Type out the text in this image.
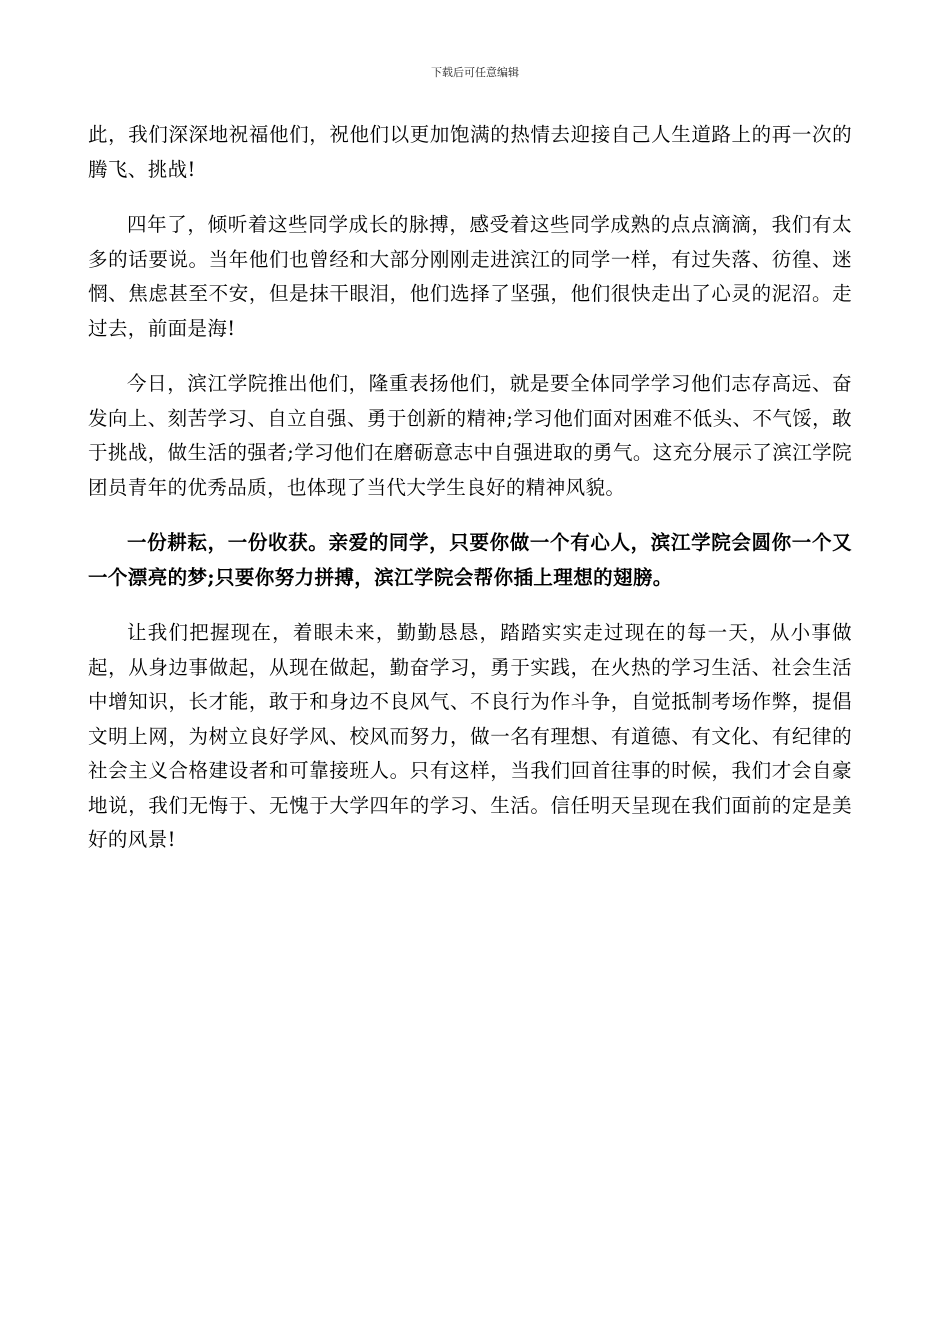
下载后可任意编辑

此，我们深深地祝福他们，祝他们以更加饱满的热情去迎接自己人生道路上的再一次的腾飞、挑战!

四年了，倾听着这些同学成长的脉搏，感受着这些同学成熟的点点滴滴，我们有太多的话要说。当年他们也曾经和大部分刚刚走进滨江的同学一样，有过失落、彷徨、迷惘、焦虑甚至不安，但是抹干眼泪，他们选择了坚强，他们很快走出了心灵的泥沼。走过去，前面是海!

今日，滨江学院推出他们，隆重表扬他们，就是要全体同学学习他们志存高远、奋发向上、刻苦学习、自立自强、勇于创新的精神;学习他们面对困难不低头、不气馁，敢于挑战，做生活的强者;学习他们在磨砺意志中自强进取的勇气。这充分展示了滨江学院团员青年的优秀品质，也体现了当代大学生良好的精神风貌。

一份耕耘，一份收获。亲爱的同学，只要你做一个有心人，滨江学院会圆你一个又一个漂亮的梦;只要你努力拼搏，滨江学院会帮你插上理想的翅膀。

让我们把握现在，着眼未来，勤勤恳恳，踏踏实实走过现在的每一天，从小事做起，从身边事做起，从现在做起，勤奋学习，勇于实践，在火热的学习生活、社会生活中增知识，长才能，敢于和身边不良风气、不良行为作斗争，自觉抵制考场作弊，提倡文明上网，为树立良好学风、校风而努力，做一名有理想、有道德、有文化、有纪律的社会主义合格建设者和可靠接班人。只有这样，当我们回首往事的时候，我们才会自豪地说，我们无悔于、无愧于大学四年的学习、生活。信任明天呈现在我们面前的定是美好的风景!
